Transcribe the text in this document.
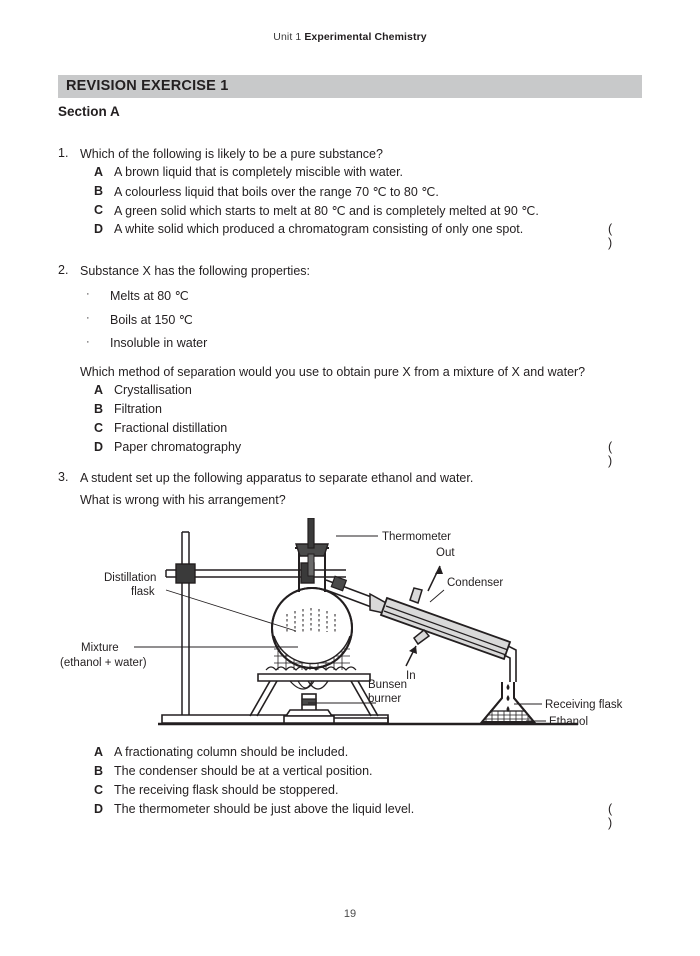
Unit 1 Experimental Chemistry
REVISION EXERCISE 1
Section A
1. Which of the following is likely to be a pure substance?
A A brown liquid that is completely miscible with water.
B A colourless liquid that boils over the range 70 ℃ to 80 ℃.
C A green solid which starts to melt at 80 ℃ and is completely melted at 90 ℃.
D A white solid which produced a chromatogram consisting of only one spot.	( )
2. Substance X has the following properties:
· Melts at 80 ℃
· Boils at 150 ℃
· Insoluble in water
Which method of separation would you use to obtain pure X from a mixture of X and water?
A Crystallisation
B Filtration
C Fractional distillation
D Paper chromatography	( )
3. A student set up the following apparatus to separate ethanol and water.
What is wrong with his arrangement?
Thermometer
Distillation
flask
Mixture
(ethanol + water)
Out
In
Condenser
Bunsen
burner	Receiving flask
Ethanol
A A fractionating column should be included.
B The condenser should be at a vertical position.
C The receiving flask should be stoppered.
D The thermometer should be just above the liquid level.	( )
19
